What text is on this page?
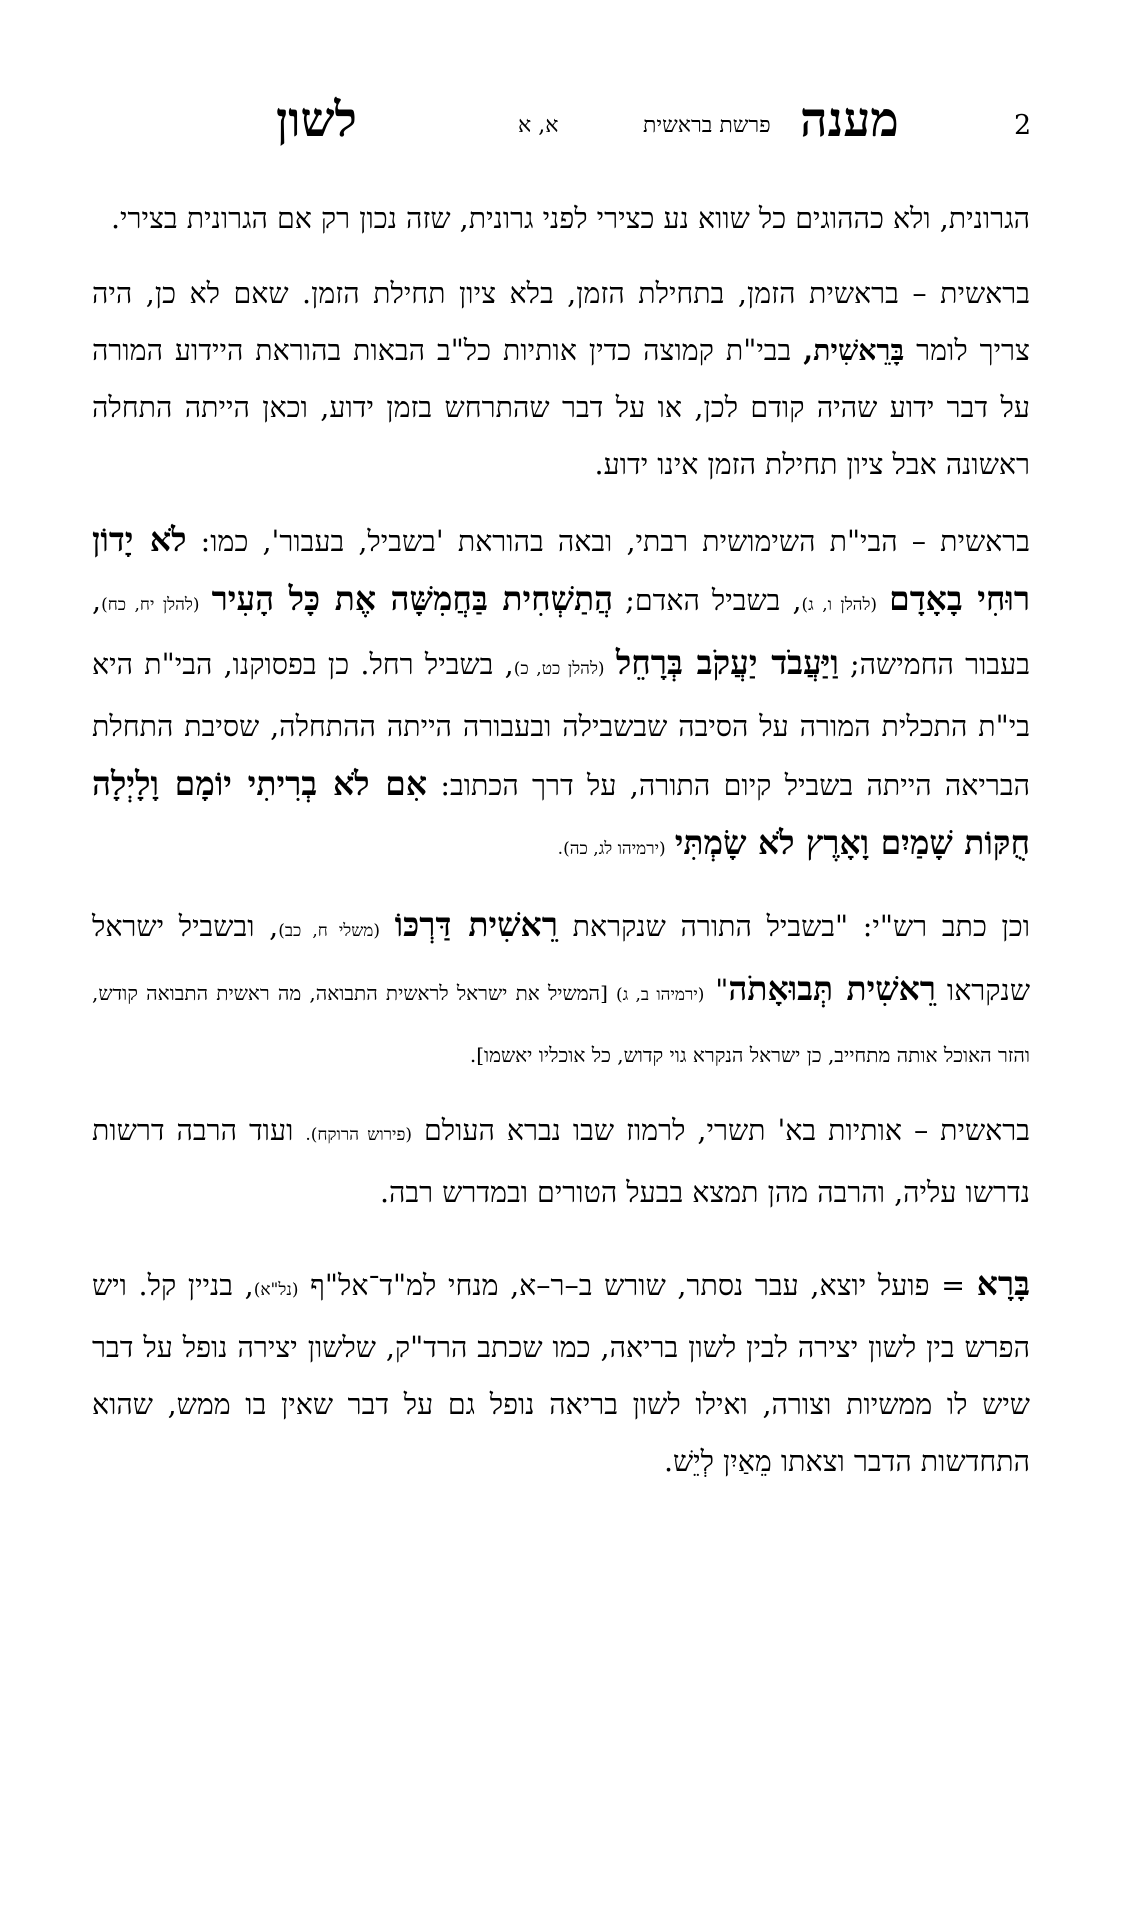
2
מענה
פרשת בראשית
א, א
לשון

הגרונית, ולא כההוגים כל שווא נע כצירי לפני גרונית, שזה נכון רק אם הגרונית בצירי.

בראשית – בראשית הזמן, בתחילת הזמן, בלא ציון תחילת הזמן. שאם לא כן, היה צריך לומר בָּרֵאשִׁית, בבי"ת קמוצה כדין אותיות כל"ב הבאות בהוראת היידוע המורה על דבר ידוע שהיה קודם לכן, או על דבר שהתרחש בזמן ידוע, וכאן הייתה התחלה ראשונה אבל ציון תחילת הזמן אינו ידוע.

בראשית – הבי"ת השימושית רבתי, ובאה בהוראת 'בשביל, בעבור', כמו: לֹא יָדוֹן רוּחִי בָאָדָם (להלן ו, ג), בשביל האדם; הֲתַשְׁחִית בַּחֲמִשָּׁה אֶת כָּל הָעִיר (להלן יח, כח), בעבור החמישה; וַיַּעֲבֹד יַעֲקֹב בְּרָחֵל (להלן כט, כ), בשביל רחל. כן בפסוקנו, הבי"ת היא בי"ת התכלית המורה על הסיבה שבשבילה ובעבורה הייתה ההתחלה, שסיבת התחלת הבריאה הייתה בשביל קיום התורה, על דרך הכתוב: אִם לֹא בְרִיתִי יוֹמָם וָלָיְלָה חֻקּוֹת שָׁמַיִם וָאָרֶץ לֹא שָׂמְתִּי (ירמיהו לג, כה).

וכן כתב רש"י: "בשביל התורה שנקראת רֵאשִׁית דַּרְכּוֹ (משלי ח, כב), ובשביל ישראל שנקראו רֵאשִׁית תְּבוּאָתֹה" (ירמיהו ב, ג) [המשיל את ישראל לראשית התבואה, מה ראשית התבואה קודש, והזר האוכל אותה מתחייב, כן ישראל הנקרא גוי קדוש, כל אוכליו יאשמו].

בראשית – אותיות בא' תשרי, לרמוז שבו נברא העולם (פירוש הרוקח). ועוד הרבה דרשות נדרשו עליה, והרבה מהן תמצא בבעל הטורים ובמדרש רבה.

בָּרָא = פועל יוצא, עבר נסתר, שורש ב–ר–א, מנחי למ"ד־אל"ף (נל"א), בניין קל. ויש הפרש בין לשון יצירה לבין לשון בריאה, כמו שכתב הרד"ק, שלשון יצירה נופל על דבר שיש לו ממשיות וצורה, ואילו לשון בריאה נופל גם על דבר שאין בו ממש, שהוא התחדשות הדבר וצאתו מֵאַיִן לְיֵשׁ.
